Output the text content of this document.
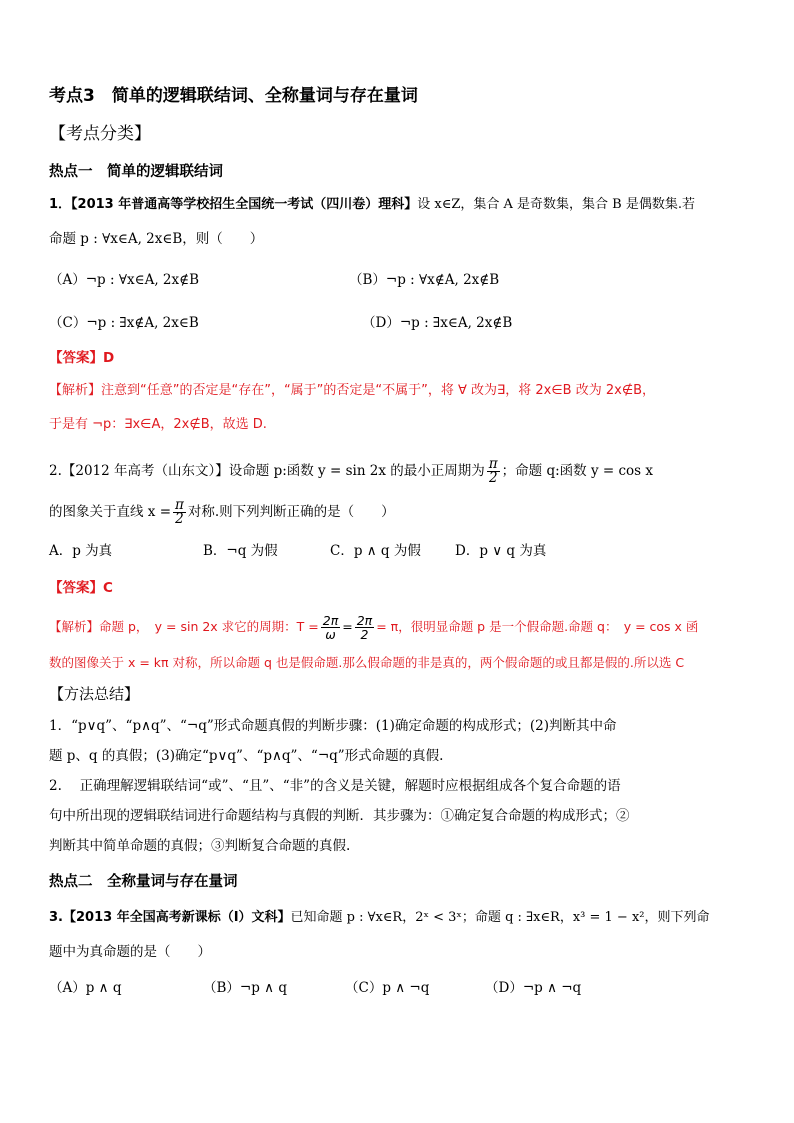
考点3　简单的逻辑联结词、全称量词与存在量词
【考点分类】
热点一　简单的逻辑联结词
1．【2013 年普通高等学校招生全国统一考试（四川卷）理科】设 x∈Z，集合 A 是奇数集，集合 B 是偶数集.若
命题 p : ∀x∈A, 2x∈B，则（　　）
（A）¬p : ∀x∈A, 2x∉B	（B）¬p : ∀x∉A, 2x∉B
（C）¬p : ∃x∉A, 2x∈B	（D）¬p : ∃x∈A, 2x∉B
【答案】D
【解析】注意到“任意”的否定是“存在”，“属于”的否定是“不属于”，将 ∀ 改为∃，将 2x∈B 改为 2x∉B，
于是有 ¬p：∃x∈A，2x∉B，故选 D.
2.【2012 年高考（山东文）】设命题 p:函数 y = sin 2x 的最小正周期为 $\frac{\pi}{2}$ ；命题 q:函数 y = cos x
的图象关于直线 $x = \frac{\pi}{2}$ 对称.则下列判断正确的是（　　）
A．p 为真	B．¬q 为假	C．p ∧ q 为假	D．p ∨ q 为真
【答案】C
【解析】命题 p，　y = sin 2x 求它的周期：$T = \frac{2\pi}{\omega} = \frac{2\pi}{2} = \pi$，很明显命题 p 是一个假命题.命题 q：　y = cos x 函
数的图像关于 x = kπ 对称，所以命题 q 也是假命题.那么假命题的非是真的，两个假命题的或且都是假的.所以选 C
【方法总结】
1．“p∨q”、“p∧q”、“¬q”形式命题真假的判断步骤：(1)确定命题的构成形式；(2)判断其中命
题 p、q 的真假；(3)确定“p∨q”、“p∧q”、“¬q”形式命题的真假.
2.　 正确理解逻辑联结词“或”、“且”、“非”的含义是关键，解题时应根据组成各个复合命题的语
句中所出现的逻辑联结词进行命题结构与真假的判断．其步骤为：①确定复合命题的构成形式；②
判断其中简单命题的真假；③判断复合命题的真假.
热点二　全称量词与存在量词
3.【2013 年全国高考新课标（I）文科】已知命题 p : ∀x∈R，2ˣ < 3ˣ；命题 q : ∃x∈R，x³ = 1 − x²，则下列命
题中为真命题的是（　　）
（A）p ∧ q	（B）¬p ∧ q	（C）p ∧ ¬q	（D）¬p ∧ ¬q
